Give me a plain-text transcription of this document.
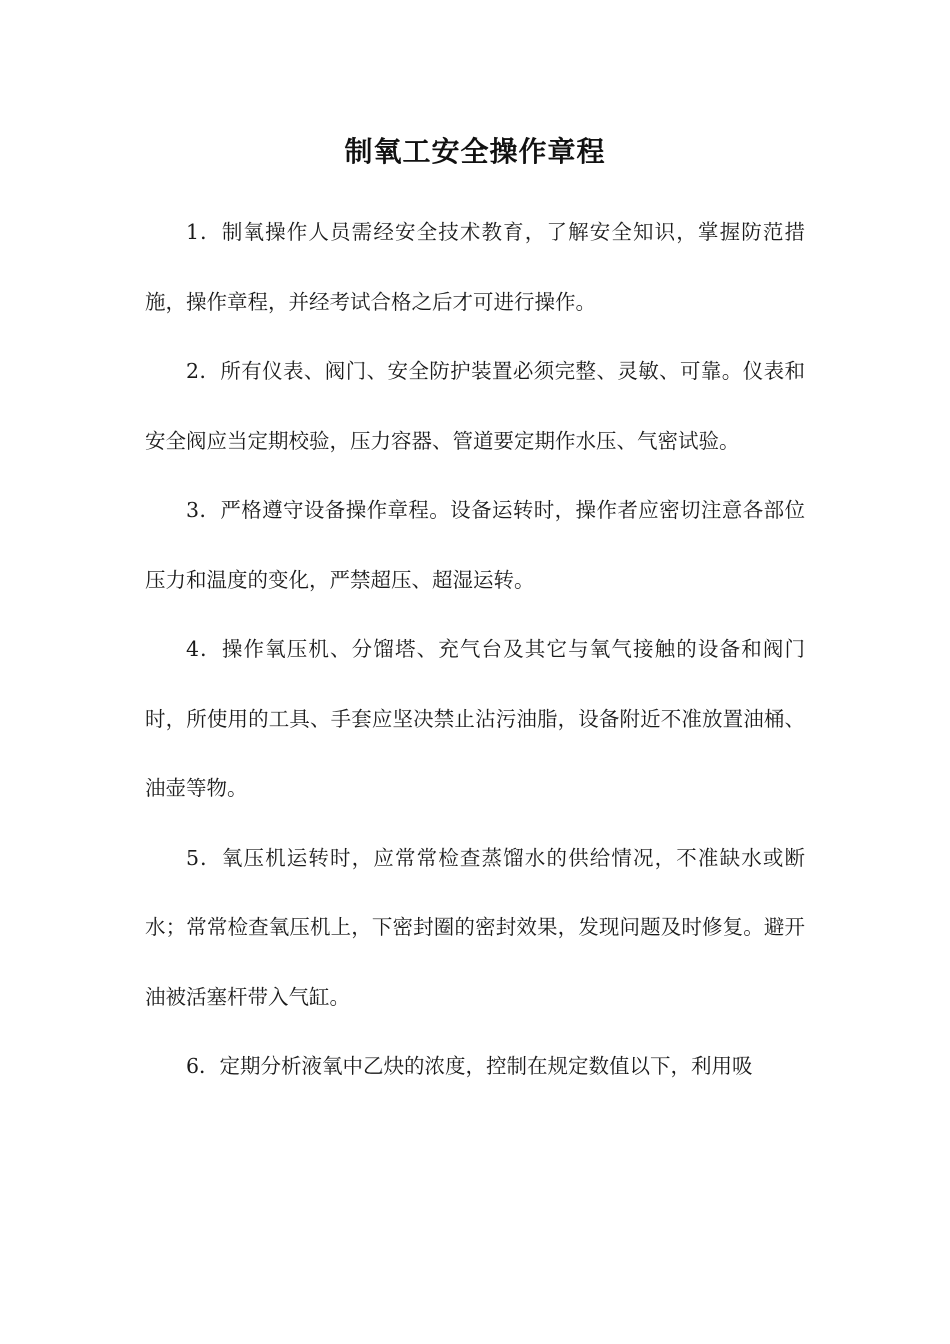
制氧工安全操作章程

1．制氧操作人员需经安全技术教育，了解安全知识，掌握防范措施，操作章程，并经考试合格之后才可进行操作。

2．所有仪表、阀门、安全防护装置必须完整、灵敏、可靠。仪表和安全阀应当定期校验，压力容器、管道要定期作水压、气密试验。

3．严格遵守设备操作章程。设备运转时，操作者应密切注意各部位压力和温度的变化，严禁超压、超湿运转。

4．操作氧压机、分馏塔、充气台及其它与氧气接触的设备和阀门时，所使用的工具、手套应坚决禁止沾污油脂，设备附近不准放置油桶、油壶等物。

5．氧压机运转时，应常常检查蒸馏水的供给情况，不准缺水或断水；常常检查氧压机上，下密封圈的密封效果，发现问题及时修复。避开油被活塞杆带入气缸。

6．定期分析液氧中乙炔的浓度，控制在规定数值以下，利用吸
